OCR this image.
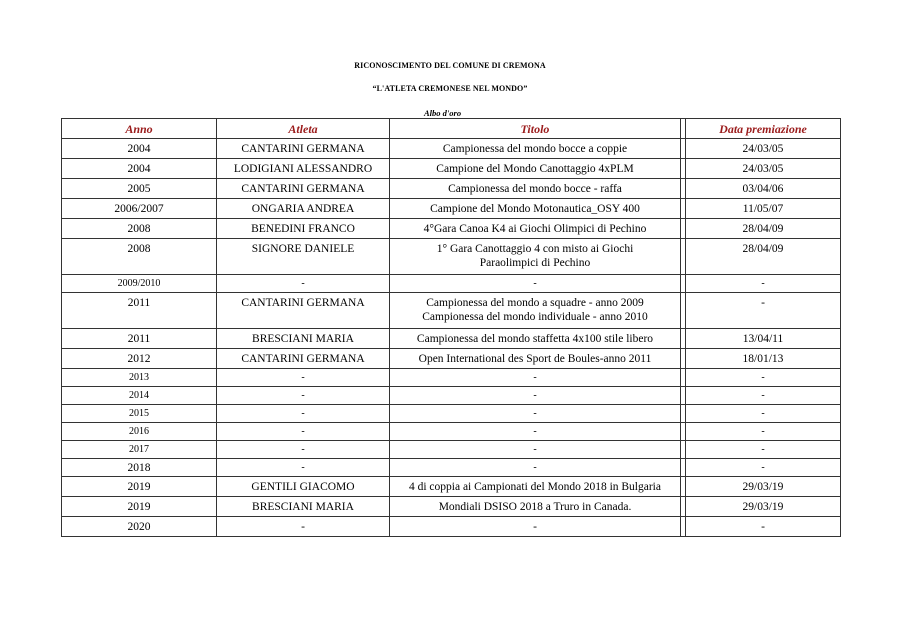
RICONOSCIMENTO DEL COMUNE DI CREMONA
“L'ATLETA CREMONESE NEL MONDO”
Albo d'oro
Anno	Atleta	Titolo		Data premiazione
2004	CANTARINI GERMANA	Campionessa del mondo bocce a coppie		24/03/05
2004	LODIGIANI ALESSANDRO	Campione del Mondo Canottaggio 4xPLM		24/03/05
2005	CANTARINI GERMANA	Campionessa del mondo bocce - raffa		03/04/06
2006/2007	ONGARIA ANDREA	Campione del Mondo Motonautica_OSY 400		11/05/07
2008	BENEDINI FRANCO	4°Gara Canoa K4 ai Giochi Olimpici di Pechino		28/04/09
2008	SIGNORE DANIELE	1° Gara Canottaggio 4 con misto ai Giochi
Paraolimpici di Pechino		28/04/09
2009/2010	-	-		-
2011	CANTARINI GERMANA	Campionessa del mondo a squadre - anno 2009
Campionessa del mondo individuale - anno 2010		-
2011	BRESCIANI MARIA	Campionessa del mondo staffetta 4x100 stile libero		13/04/11
2012	CANTARINI GERMANA	Open International des Sport de Boules-anno 2011		18/01/13
2013	-	-		-
2014	-	-		-
2015	-	-		-
2016	-	-		-
2017	-	-		-
2018	-	-		-
2019	GENTILI GIACOMO	4 di coppia ai Campionati del Mondo 2018 in Bulgaria		29/03/19
2019	BRESCIANI MARIA	Mondiali DSISO 2018 a Truro in Canada.		29/03/19
2020	-	-		-
